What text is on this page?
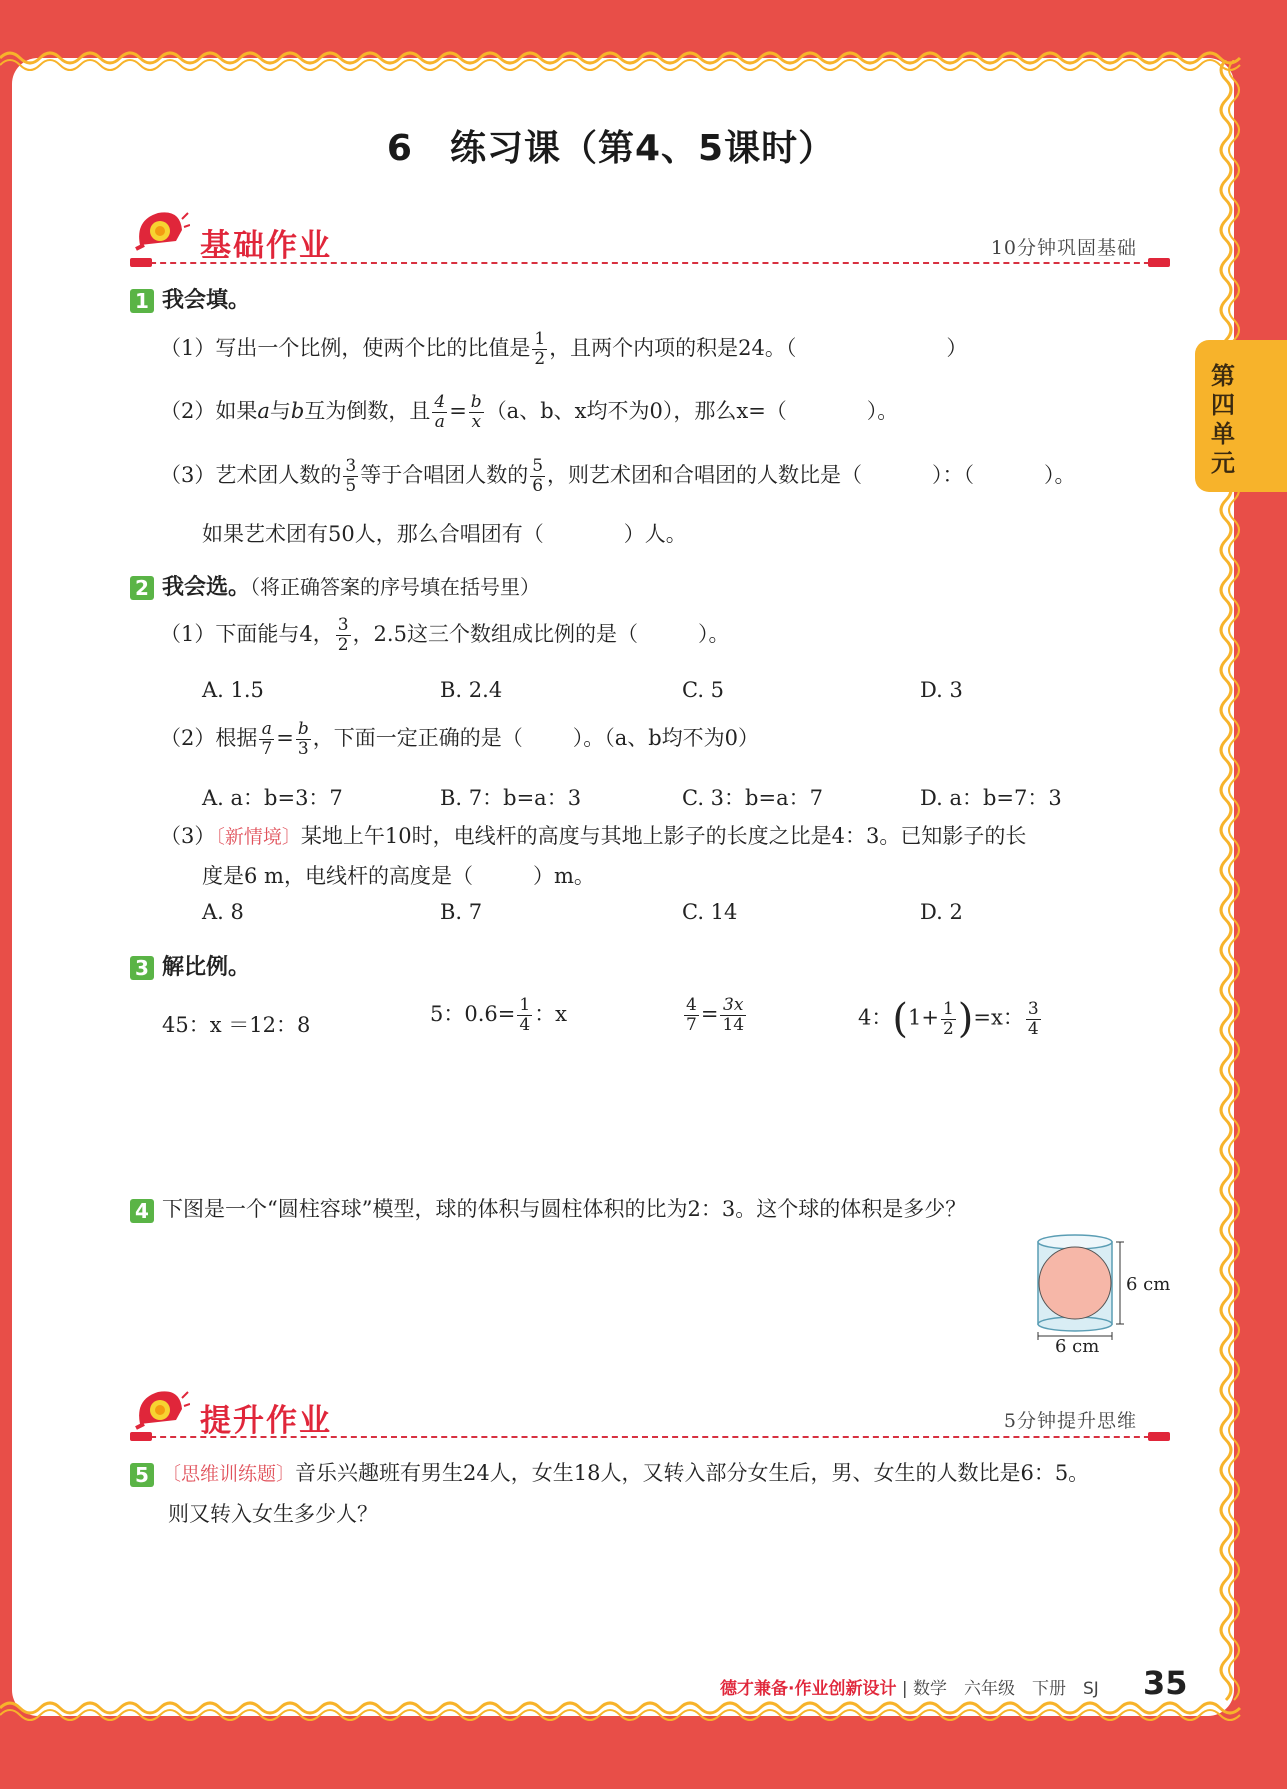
第四单元
6　练习课（第4、5课时）
基础作业	10分钟巩固基础
1 我会填。
（1）写出一个比例，使两个比的比值是 $\frac{1}{2}$ ，且两个内项的积是24。（	）
（2）如果a与b互为倒数，且 $\frac{4}{a} = \frac{b}{x} (a$、b、x均不为0），那么x=（	）。
（3）艺术团人数的 $\frac{3}{5}$ 等于合唱团人数的 $\frac{5}{6}$ ，则艺术团和合唱团的人数比是（	）：（	）。
如果艺术团有50人，那么合唱团有（	）人。
2 我会选。（将正确答案的序号填在括号里）
（1）下面能与4， $\frac{3}{2}$ ，2.5这三个数组成比例的是（	）。
A. 1.5	B. 2.4	C. 5	D. 3
（2）根据 $\frac{a}{7} = \frac{b}{3}$ ，下面一定正确的是（ ）。（a、b均不为0）
A. a：b=3：7	B. 7：b=a：3	C. 3：b=a：7	D. a：b=7：3
（3）〔新情境〕某地上午10时，电线杆的高度与其地上影子的长度之比是4：3。已知影子的长
度是6 m，电线杆的高度是（	）m。
A. 8	B. 7	C. 14	D. 2
3 解比例。
45：x ＝12：8	5：$0.6= \frac{1}{4}$ ：x	$\frac{4}{7} = \frac{3x}{14}$	4：$(1+ \frac{1}{2} )=x$： $\frac{3}{4}$
4 下图是一个“圆柱容球”模型，球的体积与圆柱体积的比为2：3。这个球的体积是多少？
6 cm
6 cm
提升作业	5分钟提升思维
5 〔思维训练题〕音乐兴趣班有男生24人，女生18人，又转入部分女生后，男、女生的人数比是6：5。
则又转入女生多少人？
德才兼备·作业创新设计 | 数学　六年级　下册　SJ 35
